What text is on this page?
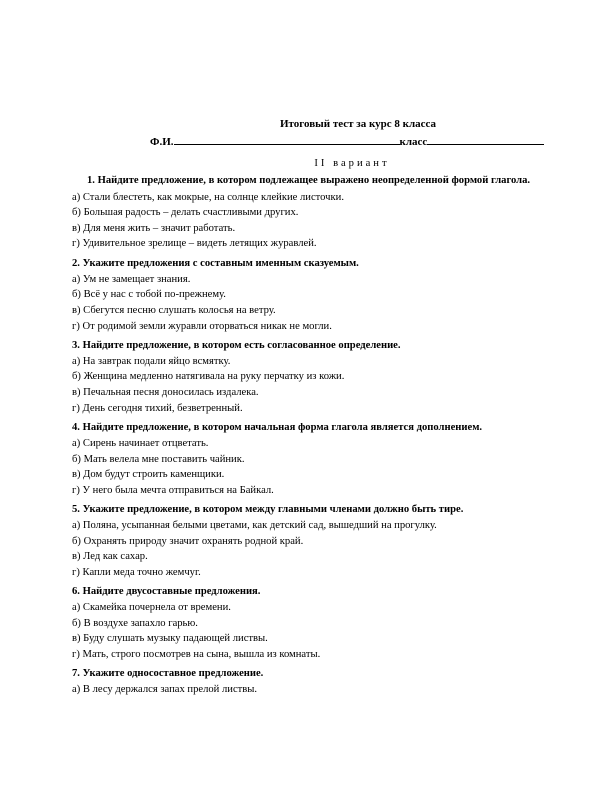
Итоговый тест за курс 8 класса
Ф.И.	класс
II вариант
1. Найдите предложение, в котором подлежащее выражено неопределенной формой глагола.
а) Стали блестеть, как мокрые, на солнце клейкие листочки.
б) Большая радость – делать счастливыми других.
в) Для меня жить – значит работать.
г) Удивительное зрелище – видеть летящих журавлей.
2. Укажите предложения с составным именным сказуемым.
а) Ум не замещает знания.
б) Всё у нас с тобой по-прежнему.
в) Сбегутся песню слушать колосья на ветру.
г) От родимой земли журавли оторваться никак не могли.
3. Найдите предложение, в котором есть согласованное определение.
а) На завтрак подали яйцо всмятку.
б) Женщина медленно натягивала на руку перчатку из кожи.
в) Печальная песня доносилась издалека.
г) День сегодня тихий, безветренный.
4. Найдите предложение, в котором начальная форма глагола является дополнением.
а) Сирень начинает отцветать.
б) Мать велела мне поставить чайник.
в) Дом будут строить каменщики.
г) У него была мечта отправиться на Байкал.
5. Укажите предложение, в котором между главными членами должно быть тире.
а) Поляна, усыпанная белыми цветами, как детский сад, вышедший на прогулку.
б) Охранять природу значит охранять родной край.
в) Лед как сахар.
г) Капли меда точно жемчуг.
6. Найдите двусоставные предложения.
а) Скамейка почернела от времени.
б) В воздухе запахло гарью.
в) Буду слушать музыку падающей листвы.
г) Мать, строго посмотрев на сына, вышла из комнаты.
7. Укажите односоставное предложение.
а) В лесу держался запах прелой листвы.
